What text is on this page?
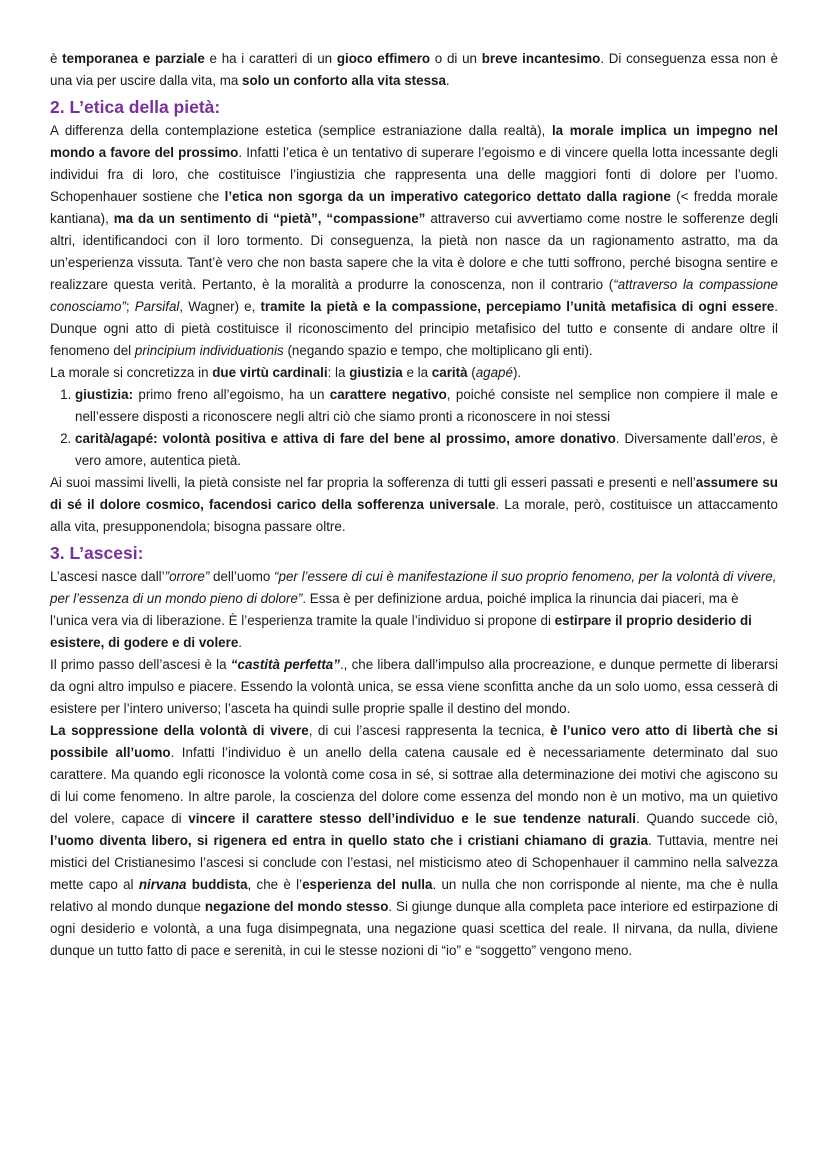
è temporanea e parziale e ha i caratteri di un gioco effimero o di un breve incantesimo. Di conseguenza essa non è una via per uscire dalla vita, ma solo un conforto alla vita stessa.

2. L’etica della pietà:

A differenza della contemplazione estetica (semplice estraniazione dalla realtà), la morale implica un impegno nel mondo a favore del prossimo. Infatti l’etica è un tentativo di superare l’egoismo e di vincere quella lotta incessante degli individui fra di loro, che costituisce l’ingiustizia che rappresenta una delle maggiori fonti di dolore per l’uomo. Schopenhauer sostiene che l’etica non sgorga da un imperativo categorico dettato dalla ragione (< fredda morale kantiana), ma da un sentimento di “pietà”, “compassione” attraverso cui avvertiamo come nostre le sofferenze degli altri, identificandoci con il loro tormento. Di conseguenza, la pietà non nasce da un ragionamento astratto, ma da un’esperienza vissuta. Tant’è vero che non basta sapere che la vita è dolore e che tutti soffrono, perché bisogna sentire e realizzare questa verità. Pertanto, è la moralità a produrre la conoscenza, non il contrario (“attraverso la compassione conosciamo”; Parsifal, Wagner) e, tramite la pietà e la compassione, percepiamo l’unità metafisica di ogni essere. Dunque ogni atto di pietà costituisce il riconoscimento del principio metafisico del tutto e consente di andare oltre il fenomeno del principium individuationis (negando spazio e tempo, che moltiplicano gli enti).

La morale si concretizza in due virtù cardinali: la giustizia e la carità (agapé).

1. giustizia: primo freno all’egoismo, ha un carattere negativo, poiché consiste nel semplice non compiere il male e nell’essere disposti a riconoscere negli altri ciò che siamo pronti a riconoscere in noi stessi
2. carità/agapé: volontà positiva e attiva di fare del bene al prossimo, amore donativo. Diversamente dall’eros, è vero amore, autentica pietà.

Ai suoi massimi livelli, la pietà consiste nel far propria la sofferenza di tutti gli esseri passati e presenti e nell’assumere su di sé il dolore cosmico, facendosi carico della sofferenza universale. La morale, però, costituisce un attaccamento alla vita, presupponendola; bisogna passare oltre.

3. L’ascesi:

L’ascesi nasce dall’”orrore” dell’uomo “per l’essere di cui è manifestazione il suo proprio fenomeno, per la volontà di vivere, per l’essenza di un mondo pieno di dolore”. Essa è per definizione ardua, poiché implica la rinuncia dai piaceri, ma è l’unica vera via di liberazione. È l’esperienza tramite la quale l’individuo si propone di estirpare il proprio desiderio di esistere, di godere e di volere.

Il primo passo dell’ascesi è la “castità perfetta”., che libera dall’impulso alla procreazione, e dunque permette di liberarsi da ogni altro impulso e piacere. Essendo la volontà unica, se essa viene sconfitta anche da un solo uomo, essa cesserà di esistere per l’intero universo; l’asceta ha quindi sulle proprie spalle il destino del mondo.

La soppressione della volontà di vivere, di cui l’ascesi rappresenta la tecnica, è l’unico vero atto di libertà che si possibile all’uomo. Infatti l’individuo è un anello della catena causale ed è necessariamente determinato dal suo carattere. Ma quando egli riconosce la volontà come cosa in sé, si sottrae alla determinazione dei motivi che agiscono su di lui come fenomeno. In altre parole, la coscienza del dolore come essenza del mondo non è un motivo, ma un quietivo del volere, capace di vincere il carattere stesso dell’individuo e le sue tendenze naturali. Quando succede ciò, l’uomo diventa libero, si rigenera ed entra in quello stato che i cristiani chiamano di grazia. Tuttavia, mentre nei mistici del Cristianesimo l’ascesi si conclude con l’estasi, nel misticismo ateo di Schopenhauer il cammino nella salvezza mette capo al nirvana buddista, che è l’esperienza del nulla. un nulla che non corrisponde al niente, ma che è nulla relativo al mondo dunque negazione del mondo stesso. Si giunge dunque alla completa pace interiore ed estirpazione di ogni desiderio e volontà, a una fuga disimpegnata, una negazione quasi scettica del reale. Il nirvana, da nulla, diviene dunque un tutto fatto di pace e serenità, in cui le stesse nozioni di “io” e “soggetto” vengono meno.
